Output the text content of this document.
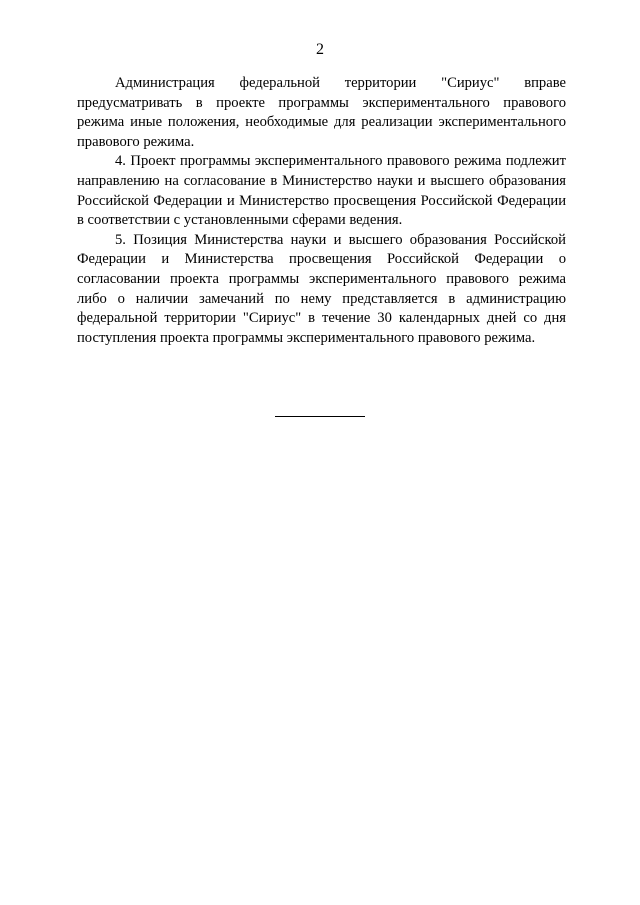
2

Администрация федеральной территории "Сириус" вправе предусматривать в проекте программы экспериментального правового режима иные положения, необходимые для реализации экспериментального правового режима.

4. Проект программы экспериментального правового режима подлежит направлению на согласование в Министерство науки и высшего образования Российской Федерации и Министерство просвещения Российской Федерации в соответствии с установленными сферами ведения.

5. Позиция Министерства науки и высшего образования Российской Федерации и Министерства просвещения Российской Федерации о согласовании проекта программы экспериментального правового режима либо о наличии замечаний по нему представляется в администрацию федеральной территории "Сириус" в течение 30 календарных дней со дня поступления проекта программы экспериментального правового режима.
